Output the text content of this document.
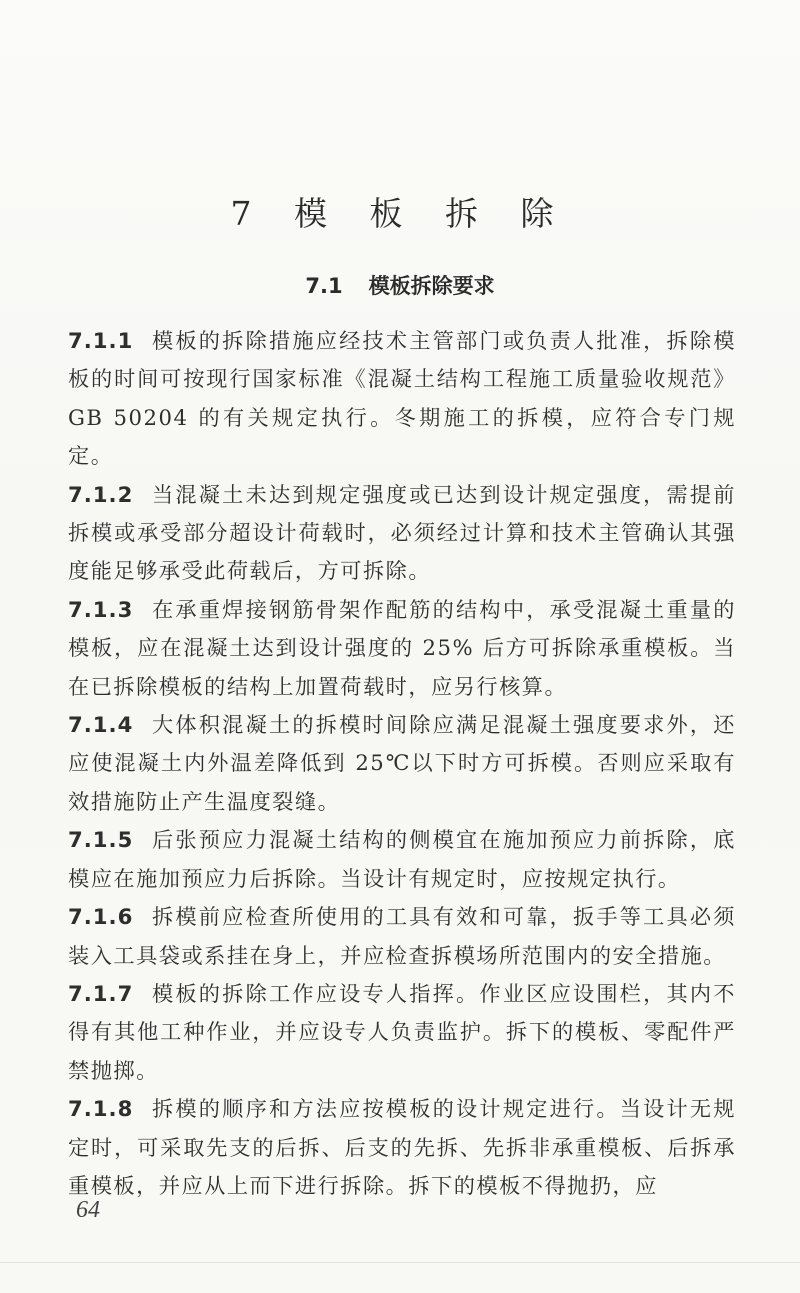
7 模 板 拆 除
7.1 模板拆除要求

7.1.1 模板的拆除措施应经技术主管部门或负责人批准，拆除模板的时间可按现行国家标准《混凝土结构工程施工质量验收规范》GB 50204 的有关规定执行。冬期施工的拆模，应符合专门规定。

7.1.2 当混凝土未达到规定强度或已达到设计规定强度，需提前拆模或承受部分超设计荷载时，必须经过计算和技术主管确认其强度能足够承受此荷载后，方可拆除。

7.1.3 在承重焊接钢筋骨架作配筋的结构中，承受混凝土重量的模板，应在混凝土达到设计强度的 25% 后方可拆除承重模板。当在已拆除模板的结构上加置荷载时，应另行核算。

7.1.4 大体积混凝土的拆模时间除应满足混凝土强度要求外，还应使混凝土内外温差降低到 25℃以下时方可拆模。否则应采取有效措施防止产生温度裂缝。

7.1.5 后张预应力混凝土结构的侧模宜在施加预应力前拆除，底模应在施加预应力后拆除。当设计有规定时，应按规定执行。

7.1.6 拆模前应检查所使用的工具有效和可靠，扳手等工具必须装入工具袋或系挂在身上，并应检查拆模场所范围内的安全措施。

7.1.7 模板的拆除工作应设专人指挥。作业区应设围栏，其内不得有其他工种作业，并应设专人负责监护。拆下的模板、零配件严禁抛掷。

7.1.8 拆模的顺序和方法应按模板的设计规定进行。当设计无规定时，可采取先支的后拆、后支的先拆、先拆非承重模板、后拆承重模板，并应从上而下进行拆除。拆下的模板不得抛扔，应

64
